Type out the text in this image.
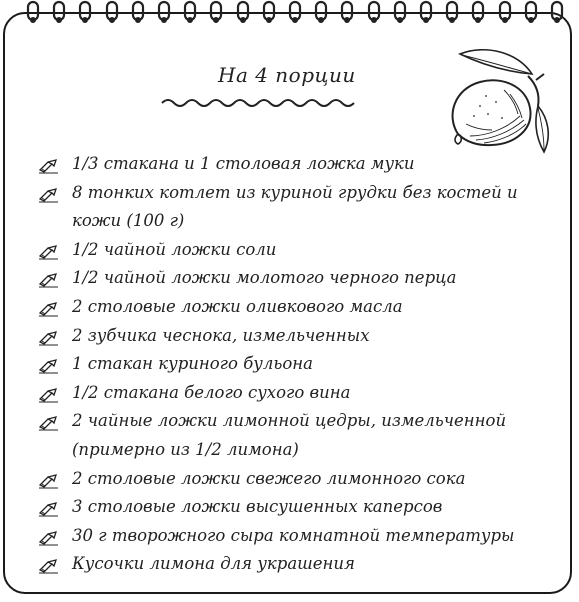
На 4 порции
1/3 стакана и 1 столовая ложка муки
8 тонких котлет из куриной грудки без костей и кожи (100 г)
1/2 чайной ложки соли
1/2 чайной ложки молотого черного перца
2 столовые ложки оливкового масла
2 зубчика чеснока, измельченных
1 стакан куриного бульона
1/2 стакана белого сухого вина
2 чайные ложки лимонной цедры, измельченной (примерно из 1/2 лимона)
2 столовые ложки свежего лимонного сока
3 столовые ложки высушенных каперсов
30 г творожного сыра комнатной температуры
Кусочки лимона для украшения
